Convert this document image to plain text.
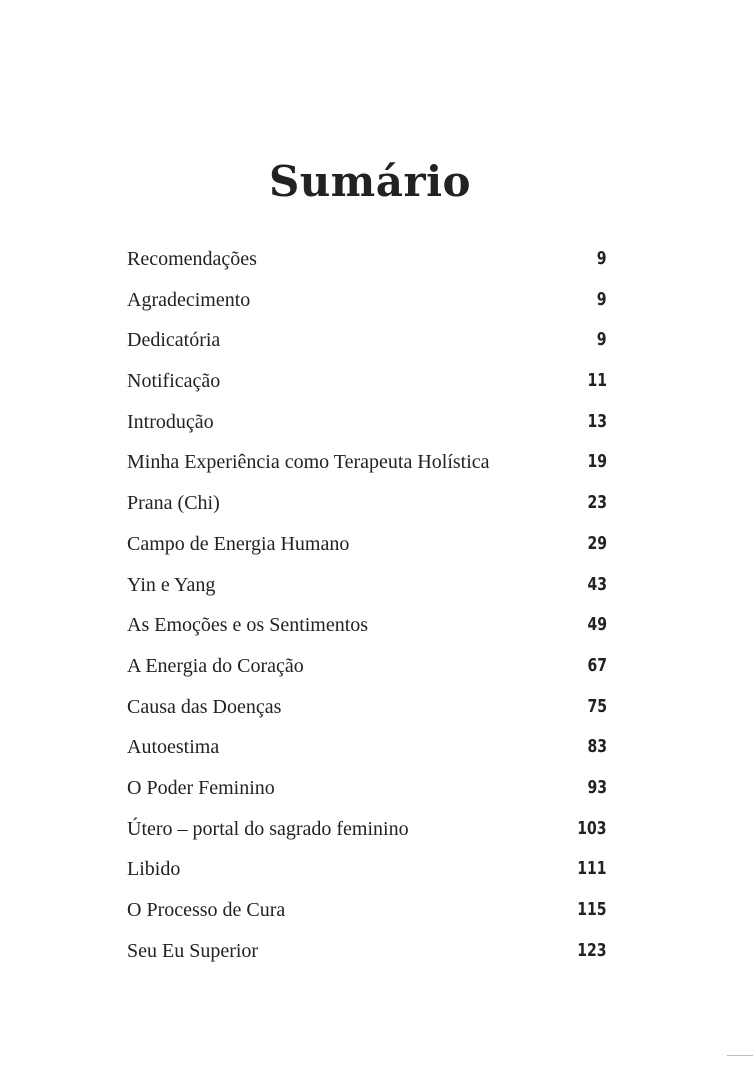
Sumário
Recomendações	9
Agradecimento	9
Dedicatória	9
Notificação	11
Introdução	13
Minha Experiência como Terapeuta Holística	19
Prana (Chi)	23
Campo de Energia Humano	29
Yin e Yang	43
As Emoções e os Sentimentos	49
A Energia do Coração	67
Causa das Doenças	75
Autoestima	83
O Poder Feminino	93
Útero – portal do sagrado feminino	103
Libido	111
O Processo de Cura	115
Seu Eu Superior	123
